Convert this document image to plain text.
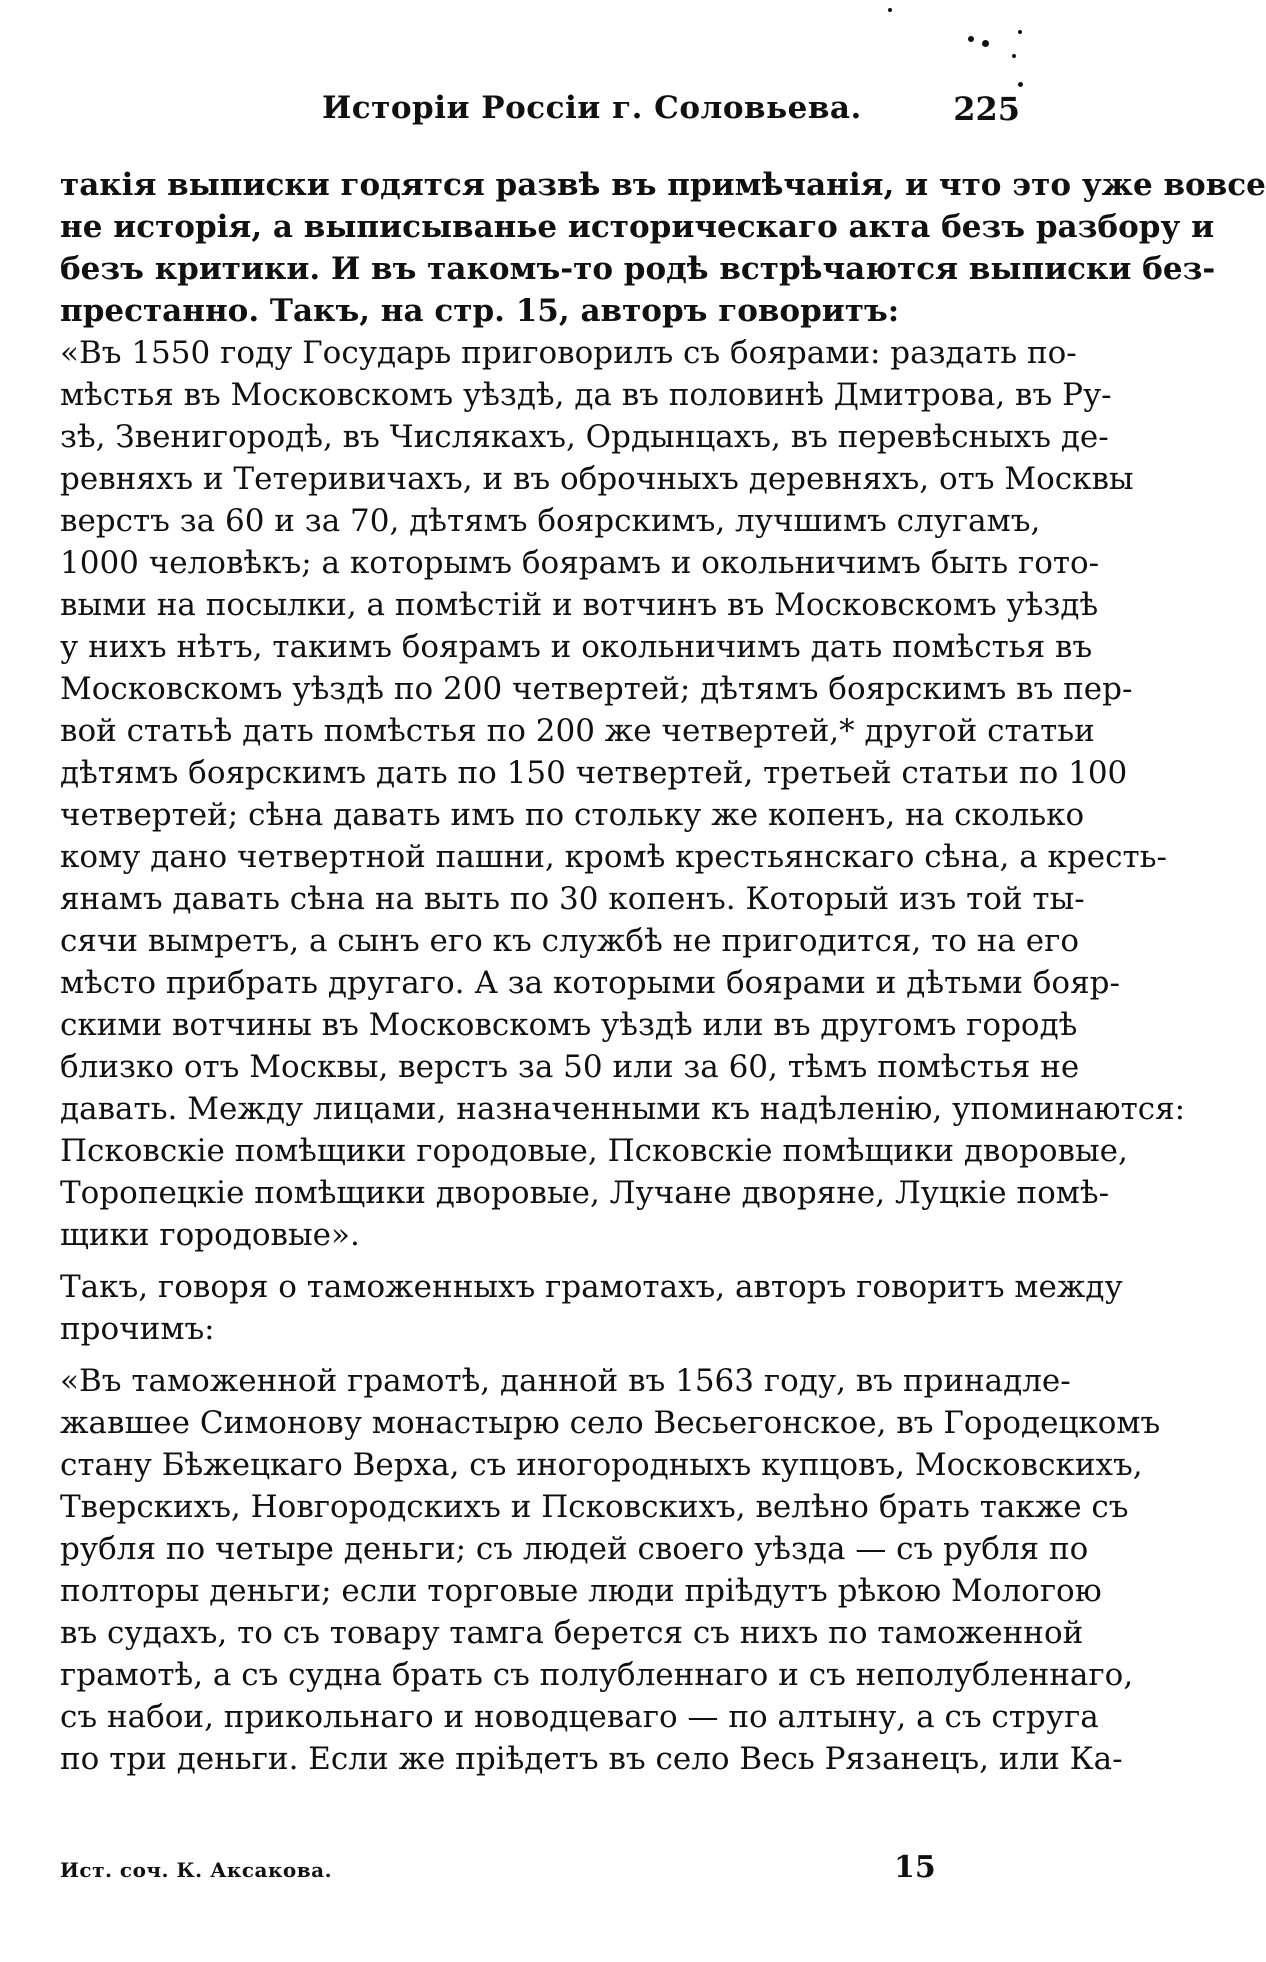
Исторіи Россіи г. Соловьева.	225
такія выписки годятся развѣ въ примѣчанія, и что это уже вовсе
не исторія, а выписыванье историческаго акта безъ разбору и
безъ критики. И въ такомъ-то родѣ встрѣчаются выписки без-
престанно. Такъ, на стр. 15, авторъ говоритъ:
«Въ 1550 году Государь приговорилъ съ боярами: раздать по-
мѣстья въ Московскомъ уѣздѣ, да въ половинѣ Дмитрова, въ Ру-
зѣ, Звенигородѣ, въ Числякахъ, Ордынцахъ, въ перевѣсныхъ де-
ревняхъ и Тетеривичахъ, и въ оброчныхъ деревняхъ, отъ Москвы
верстъ за 60 и за 70, дѣтямъ боярскимъ, лучшимъ слугамъ,
1000 человѣкъ; а которымъ боярамъ и окольничимъ быть гото-
выми на посылки, а помѣстій и вотчинъ въ Московскомъ уѣздѣ
у нихъ нѣтъ, такимъ боярамъ и окольничимъ дать помѣстья въ
Московскомъ уѣздѣ по 200 четвертей; дѣтямъ боярскимъ въ пер-
вой статьѣ дать помѣстья по 200 же четвертей,* другой статьи
дѣтямъ боярскимъ дать по 150 четвертей, третьей статьи по 100
четвертей; сѣна давать имъ по стольку же копенъ, на сколько
кому дано четвертной пашни, кромѣ крестьянскаго сѣна, а кресть-
янамъ давать сѣна на выть по 30 копенъ. Который изъ той ты-
сячи вымретъ, а сынъ его къ службѣ не пригодится, то на его
мѣсто прибрать другаго. А за которыми боярами и дѣтьми бояр-
скими вотчины въ Московскомъ уѣздѣ или въ другомъ городѣ
близко отъ Москвы, верстъ за 50 или за 60, тѣмъ помѣстья не
давать. Между лицами, назначенными къ надѣленію, упоминаются:
Псковскіе помѣщики городовые, Псковскіе помѣщики дворовые,
Торопецкіе помѣщики дворовые, Лучане дворяне, Луцкіе помѣ-
щики городовые».
Такъ, говоря о таможенныхъ грамотахъ, авторъ говоритъ между
прочимъ:
«Въ таможенной грамотѣ, данной въ 1563 году, въ принадле-
жавшее Симонову монастырю село Весьегонское, въ Городецкомъ
стану Бѣжецкаго Верха, съ иногородныхъ купцовъ, Московскихъ,
Тверскихъ, Новгородскихъ и Псковскихъ, велѣно брать также съ
рубля по четыре деньги; съ людей своего уѣзда — съ рубля по
полторы деньги; если торговые люди пріѣдутъ рѣкою Мологою
въ судахъ, то съ товару тамга берется съ нихъ по таможенной
грамотѣ, а съ судна брать съ полубленнаго и съ неполубленнаго,
съ набои, прикольнаго и новодцеваго — по алтыну, а съ струга
по три деньги. Если же пріѣдетъ въ село Весь Рязанецъ, или Ка-
Ист. соч. К. Аксакова.	15
